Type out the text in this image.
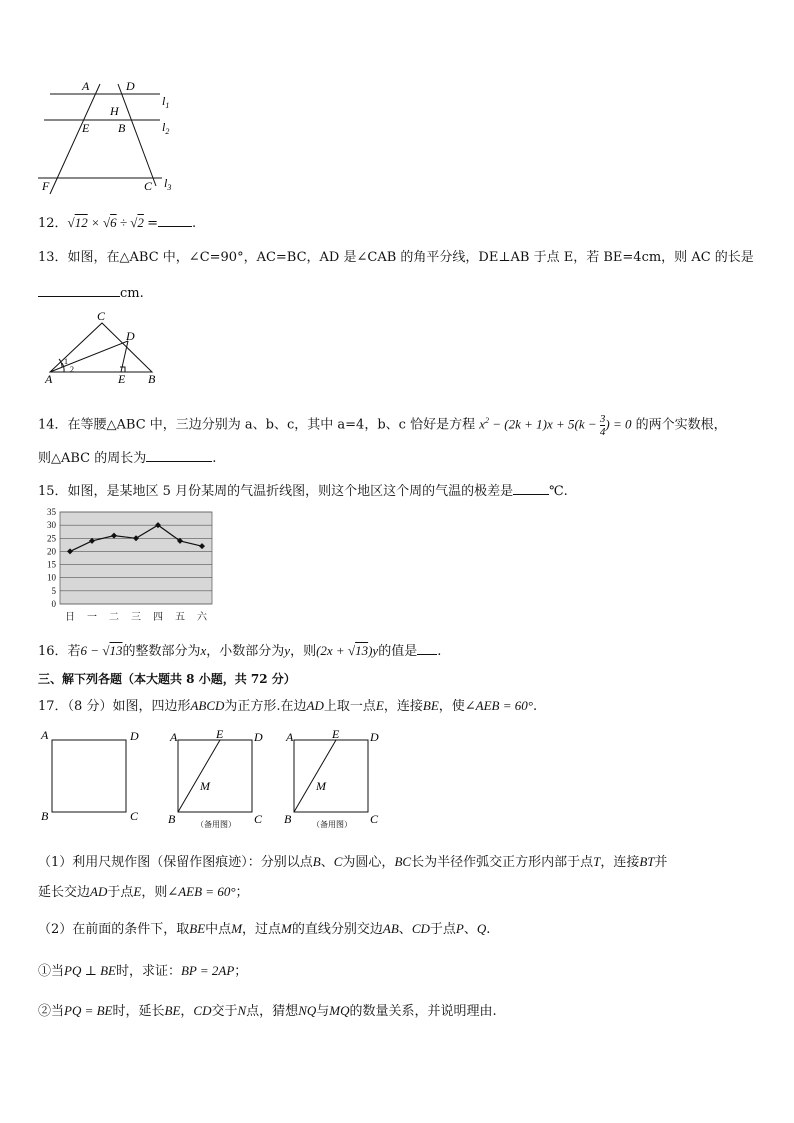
A	D
H
E B
F	C
$l_1$
$l_2$
$l_3$
12．√12 × √6 ÷ √2 =	.
13．如图，在△ABC 中，∠C=90°，AC=BC，AD 是∠CAB 的角平分线，DE⊥AB 于点 E，若 BE=4cm，则 AC 的长是
cm.
C
D
A	E B
1
2
14．在等腰△ABC 中，三边分别为 a、b、c，其中 a=4，b、c 恰好是方程 $x^2 - (2k + 1)x + 5(k - \frac{3}{4}$ ) = 0 的两个实数根，
则△ABC 的周长为	.
15．如图，是某地区 5 月份某周的气温折线图，则这个地区这个周的气温的极差是	℃.
35
30
25
20
15
10
5
0
日 一 二 三 四 五 六
16．若6 − √13的整数部分为x，小数部分为y，则(2x + √13)y的值是 .
三、解下列各题（本大题共 8 小题，共 72 分）
17．（8 分）如图，四边形ABCD为正方形.在边AD上取一点E，连接BE，使∠AEB = 60°.
A	D
B	C
A	E	D
M
B	C
（备用图）
A	E	D
M
B	C
（备用图）
（1）利用尺规作图（保留作图痕迹）：分别以点B、C为圆心，BC长为半径作弧交正方形内部于点T，连接BT并
延长交边AD于点E，则∠AEB = 60°；
（2）在前面的条件下，取BE中点M，过点M的直线分别交边AB、CD于点P、Q.
①当PQ ⊥ BE时，求证：BP = 2AP；
②当PQ = BE时，延长BE，CD交于N点，猜想NQ与MQ的数量关系，并说明理由.
